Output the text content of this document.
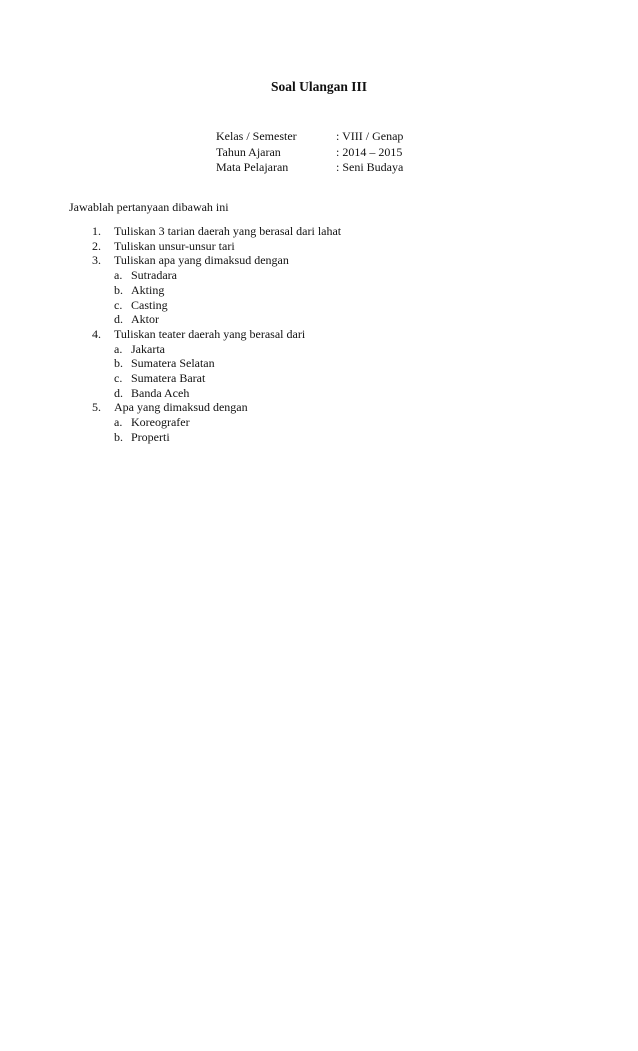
Soal Ulangan III
Kelas / Semester	: VIII / Genap
Tahun Ajaran	: 2014 – 2015
Mata Pelajaran	: Seni Budaya
Jawablah pertanyaan dibawah ini
1.	Tuliskan 3 tarian daerah yang berasal dari lahat
2.	Tuliskan unsur-unsur tari
3.	Tuliskan apa yang dimaksud dengan
a. Sutradara
b. Akting
c. Casting
d. Aktor
4.	Tuliskan teater daerah yang berasal dari
a. Jakarta
b. Sumatera Selatan
c. Sumatera Barat
d. Banda Aceh
5.	Apa yang dimaksud dengan
a. Koreografer
b. Properti
